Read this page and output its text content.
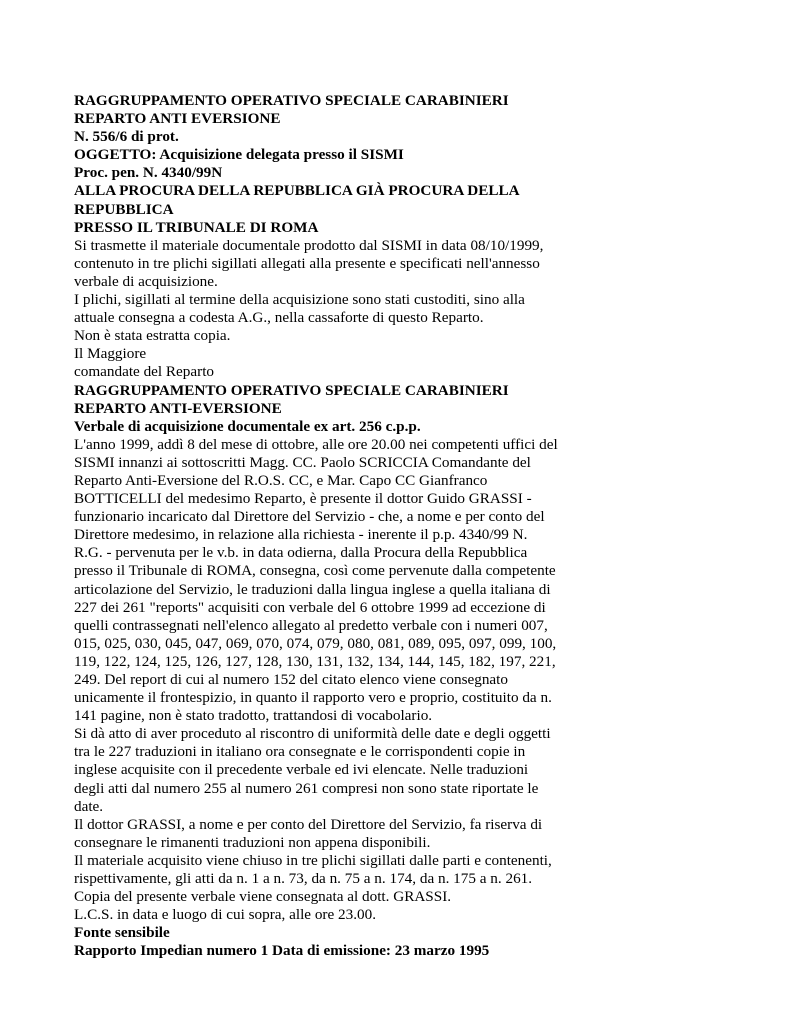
RAGGRUPPAMENTO OPERATIVO SPECIALE CARABINIERI
REPARTO ANTI EVERSIONE
N. 556/6 di prot.
OGGETTO: Acquisizione delegata presso il SISMI
Proc. pen. N. 4340/99N
ALLA PROCURA DELLA REPUBBLICA GIÀ PROCURA DELLA
REPUBBLICA
PRESSO IL TRIBUNALE DI ROMA
Si trasmette il materiale documentale prodotto dal SISMI in data 08/10/1999,
contenuto in tre plichi sigillati allegati alla presente e specificati nell'annesso
verbale di acquisizione.
I plichi, sigillati al termine della acquisizione sono stati custoditi, sino alla
attuale consegna a codesta A.G., nella cassaforte di questo Reparto.
Non è stata estratta copia.
Il Maggiore
comandate del Reparto
RAGGRUPPAMENTO OPERATIVO SPECIALE CARABINIERI
REPARTO ANTI-EVERSIONE
Verbale di acquisizione documentale ex art. 256 c.p.p.
L'anno 1999, addì 8 del mese di ottobre, alle ore 20.00 nei competenti uffici del
SISMI innanzi ai sottoscritti Magg. CC. Paolo SCRICCIA Comandante del
Reparto Anti-Eversione del R.O.S. CC, e Mar. Capo CC Gianfranco
BOTTICELLI del medesimo Reparto, è presente il dottor Guido GRASSI -
funzionario incaricato dal Direttore del Servizio - che, a nome e per conto del
Direttore medesimo, in relazione alla richiesta - inerente il p.p. 4340/99 N.
R.G. - pervenuta per le v.b. in data odierna, dalla Procura della Repubblica
presso il Tribunale di ROMA, consegna, così come pervenute dalla competente
articolazione del Servizio, le traduzioni dalla lingua inglese a quella italiana di
227 dei 261 "reports" acquisiti con verbale del 6 ottobre 1999 ad eccezione di
quelli contrassegnati nell'elenco allegato al predetto verbale con i numeri 007,
015, 025, 030, 045, 047, 069, 070, 074, 079, 080, 081, 089, 095, 097, 099, 100,
119, 122, 124, 125, 126, 127, 128, 130, 131, 132, 134, 144, 145, 182, 197, 221,
249. Del report di cui al numero 152 del citato elenco viene consegnato
unicamente il frontespizio, in quanto il rapporto vero e proprio, costituito da n.
141 pagine, non è stato tradotto, trattandosi di vocabolario.
Si dà atto di aver proceduto al riscontro di uniformità delle date e degli oggetti
tra le 227 traduzioni in italiano ora consegnate e le corrispondenti copie in
inglese acquisite con il precedente verbale ed ivi elencate. Nelle traduzioni
degli atti dal numero 255 al numero 261 compresi non sono state riportate le
date.
Il dottor GRASSI, a nome e per conto del Direttore del Servizio, fa riserva di
consegnare le rimanenti traduzioni non appena disponibili.
Il materiale acquisito viene chiuso in tre plichi sigillati dalle parti e contenenti,
rispettivamente, gli atti da n. 1 a n. 73, da n. 75 a n. 174, da n. 175 a n. 261.
Copia del presente verbale viene consegnata al dott. GRASSI.
L.C.S. in data e luogo di cui sopra, alle ore 23.00.
Fonte sensibile
Rapporto Impedian numero 1 Data di emissione: 23 marzo 1995
